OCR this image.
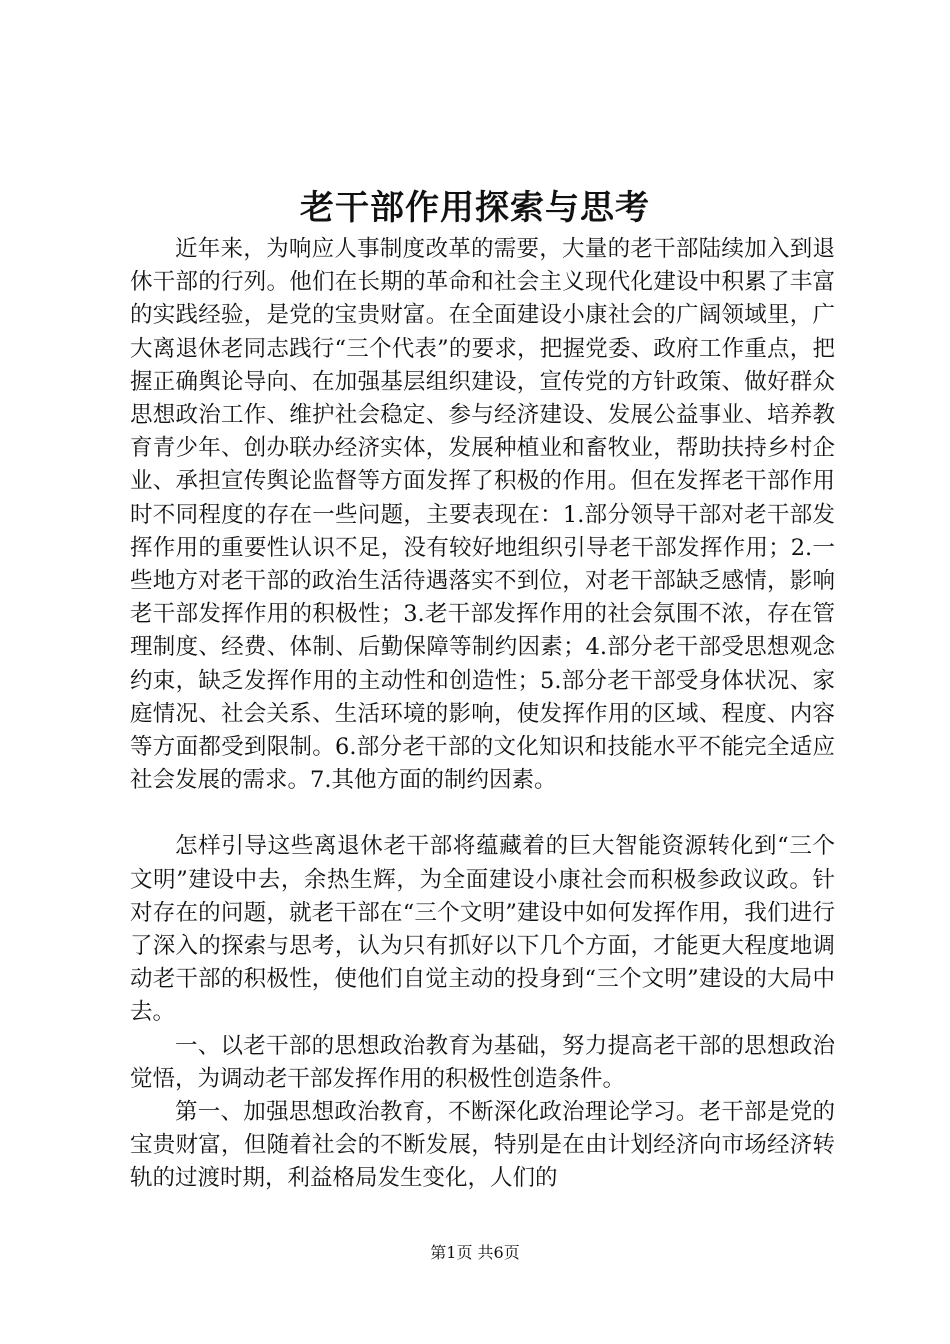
老干部作用探索与思考

近年来，为响应人事制度改革的需要，大量的老干部陆续加入到退休干部的行列。他们在长期的革命和社会主义现代化建设中积累了丰富的实践经验，是党的宝贵财富。在全面建设小康社会的广阔领域里，广大离退休老同志践行“三个代表”的要求，把握党委、政府工作重点，把握正确舆论导向、在加强基层组织建设，宣传党的方针政策、做好群众思想政治工作、维护社会稳定、参与经济建设、发展公益事业、培养教育青少年、创办联办经济实体，发展种植业和畜牧业，帮助扶持乡村企业、承担宣传舆论监督等方面发挥了积极的作用。但在发挥老干部作用时不同程度的存在一些问题，主要表现在：1.部分领导干部对老干部发挥作用的重要性认识不足，没有较好地组织引导老干部发挥作用；2.一些地方对老干部的政治生活待遇落实不到位，对老干部缺乏感情，影响老干部发挥作用的积极性；3.老干部发挥作用的社会氛围不浓，存在管理制度、经费、体制、后勤保障等制约因素；4.部分老干部受思想观念约束，缺乏发挥作用的主动性和创造性；5.部分老干部受身体状况、家庭情况、社会关系、生活环境的影响，使发挥作用的区域、程度、内容等方面都受到限制。6.部分老干部的文化知识和技能水平不能完全适应社会发展的需求。7.其他方面的制约因素。

怎样引导这些离退休老干部将蕴藏着的巨大智能资源转化到“三个文明”建设中去，余热生辉，为全面建设小康社会而积极参政议政。针对存在的问题，就老干部在“三个文明”建设中如何发挥作用，我们进行了深入的探索与思考，认为只有抓好以下几个方面，才能更大程度地调动老干部的积极性，使他们自觉主动的投身到“三个文明”建设的大局中去。

一、以老干部的思想政治教育为基础，努力提高老干部的思想政治觉悟，为调动老干部发挥作用的积极性创造条件。

第一、加强思想政治教育，不断深化政治理论学习。老干部是党的宝贵财富，但随着社会的不断发展，特别是在由计划经济向市场经济转轨的过渡时期，利益格局发生变化，人们的

第1页 共6页
